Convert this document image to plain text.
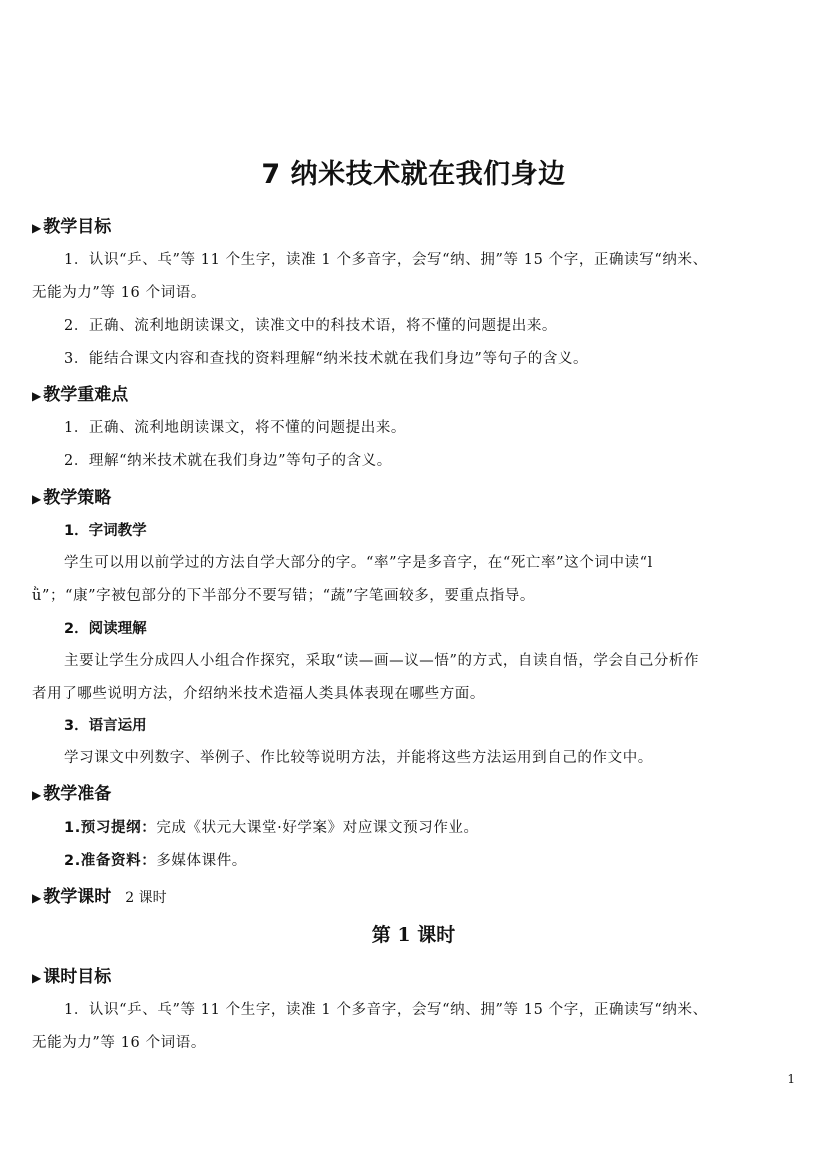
7 纳米技术就在我们身边
▶ 教学目标
1．认识“乒、乓”等 11 个生字，读准 1 个多音字，会写“纳、拥”等 15 个字，正确读写“纳米、
无能为力”等 16 个词语。
2．正确、流利地朗读课文，读准文中的科技术语，将不懂的问题提出来。
3．能结合课文内容和查找的资料理解“纳米技术就在我们身边”等句子的含义。
▶ 教学重难点
1．正确、流利地朗读课文，将不懂的问题提出来。
2．理解“纳米技术就在我们身边”等句子的含义。
▶ 教学策略
1．字词教学
学生可以用以前学过的方法自学大部分的字。“率”字是多音字，在“死亡率”这个词中读“l
ǜ”；“康”字被包部分的下半部分不要写错；“蔬”字笔画较多，要重点指导。
2．阅读理解
主要让学生分成四人小组合作探究，采取“读—画—议—悟”的方式，自读自悟，学会自己分析作
者用了哪些说明方法，介绍纳米技术造福人类具体表现在哪些方面。
3．语言运用
学习课文中列数字、举例子、作比较等说明方法，并能将这些方法运用到自己的作文中。
▶ 教学准备
1.预习提纲：完成《状元大课堂·好学案》对应课文预习作业。
2.准备资料：多媒体课件。
▶ 教学课时 2 课时
第 1 课时
▶ 课时目标
1．认识“乒、乓”等 11 个生字，读准 1 个多音字，会写“纳、拥”等 15 个字，正确读写“纳米、
无能为力”等 16 个词语。
1
